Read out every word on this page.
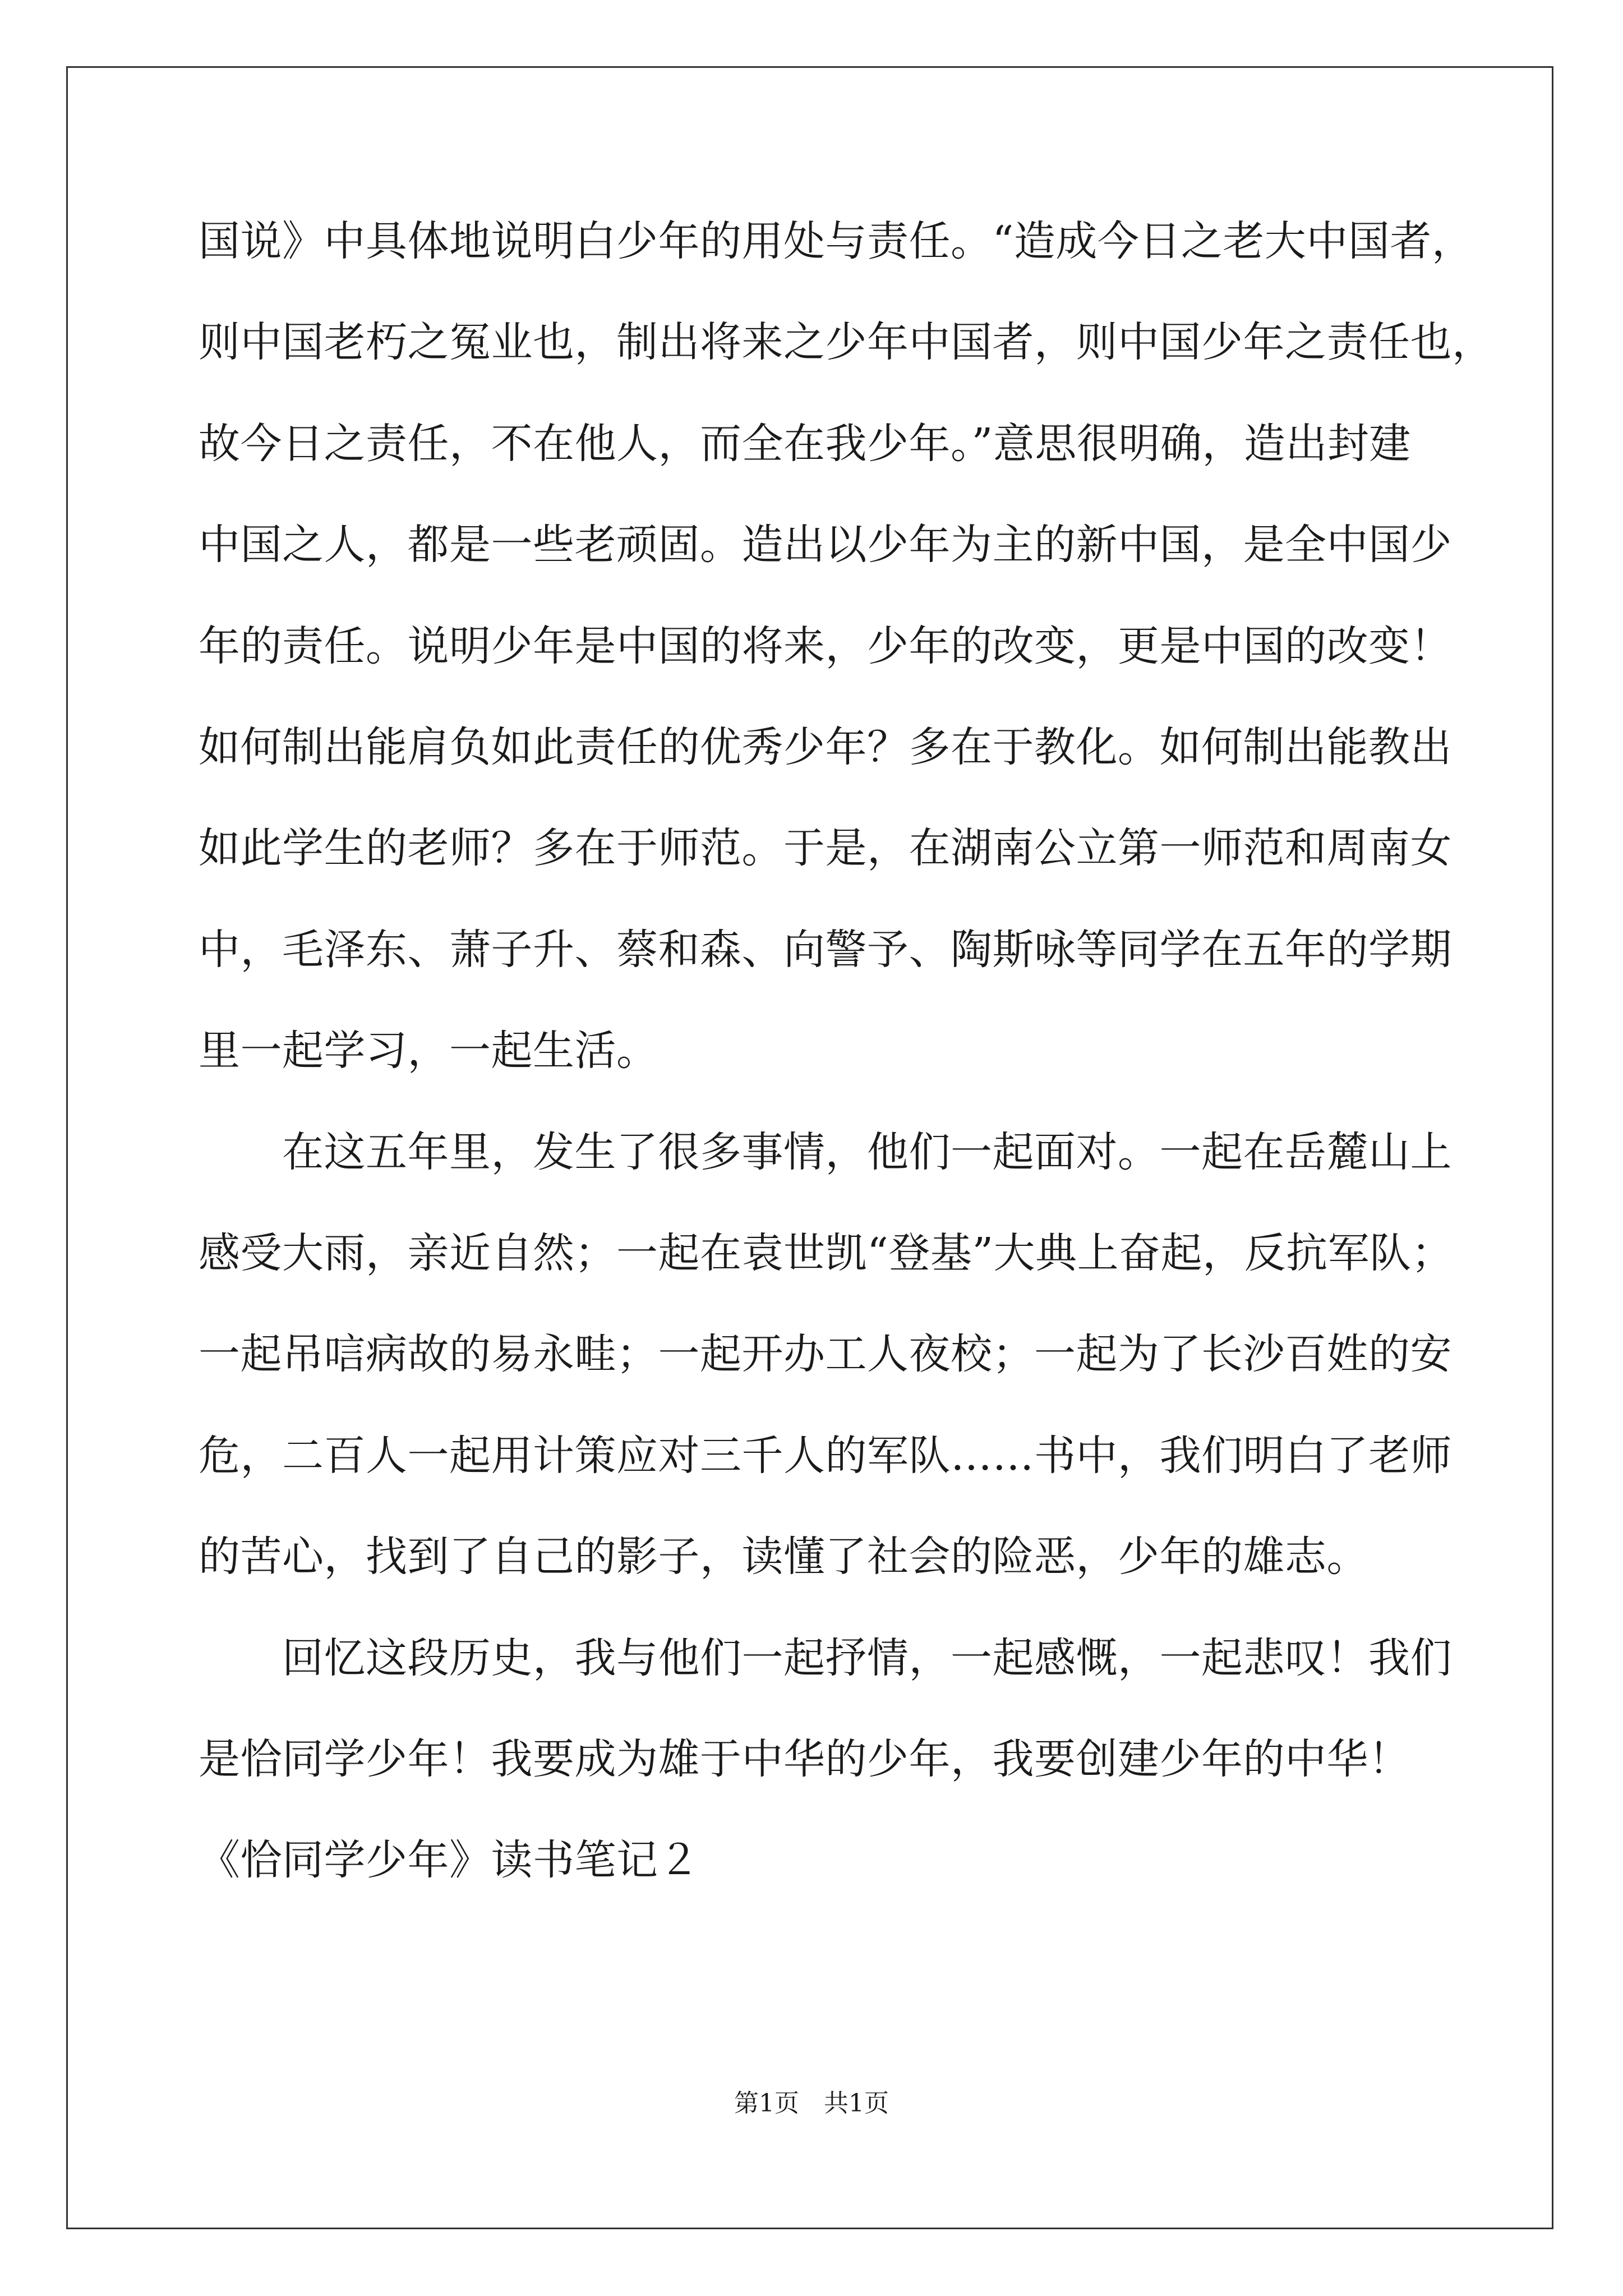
国说》中具体地说明白少年的用处与责任。“造成今日之老大中国者，
则中国老朽之冤业也，制出将来之少年中国者，则中国少年之责任也，
故今日之责任，不在他人，而全在我少年。”意思很明确，造出封建
中国之人，都是一些老顽固。造出以少年为主的新中国，是全中国少
年的责任。说明少年是中国的将来，少年的改变，更是中国的改变！
如何制出能肩负如此责任的优秀少年？多在于教化。如何制出能教出
如此学生的老师？多在于师范。于是，在湖南公立第一师范和周南女
中，毛泽东、萧子升、蔡和森、向警予、陶斯咏等同学在五年的学期
里一起学习，一起生活。
　　在这五年里，发生了很多事情，他们一起面对。一起在岳麓山上
感受大雨，亲近自然；一起在袁世凯“登基”大典上奋起，反抗军队；
一起吊唁病故的易永畦；一起开办工人夜校；一起为了长沙百姓的安
危，二百人一起用计策应对三千人的军队……书中，我们明白了老师
的苦心，找到了自己的影子，读懂了社会的险恶，少年的雄志。
　　回忆这段历史，我与他们一起抒情，一起感慨，一起悲叹！我们
是恰同学少年！我要成为雄于中华的少年，我要创建少年的中华！
《恰同学少年》读书笔记２
第1页　共1页
